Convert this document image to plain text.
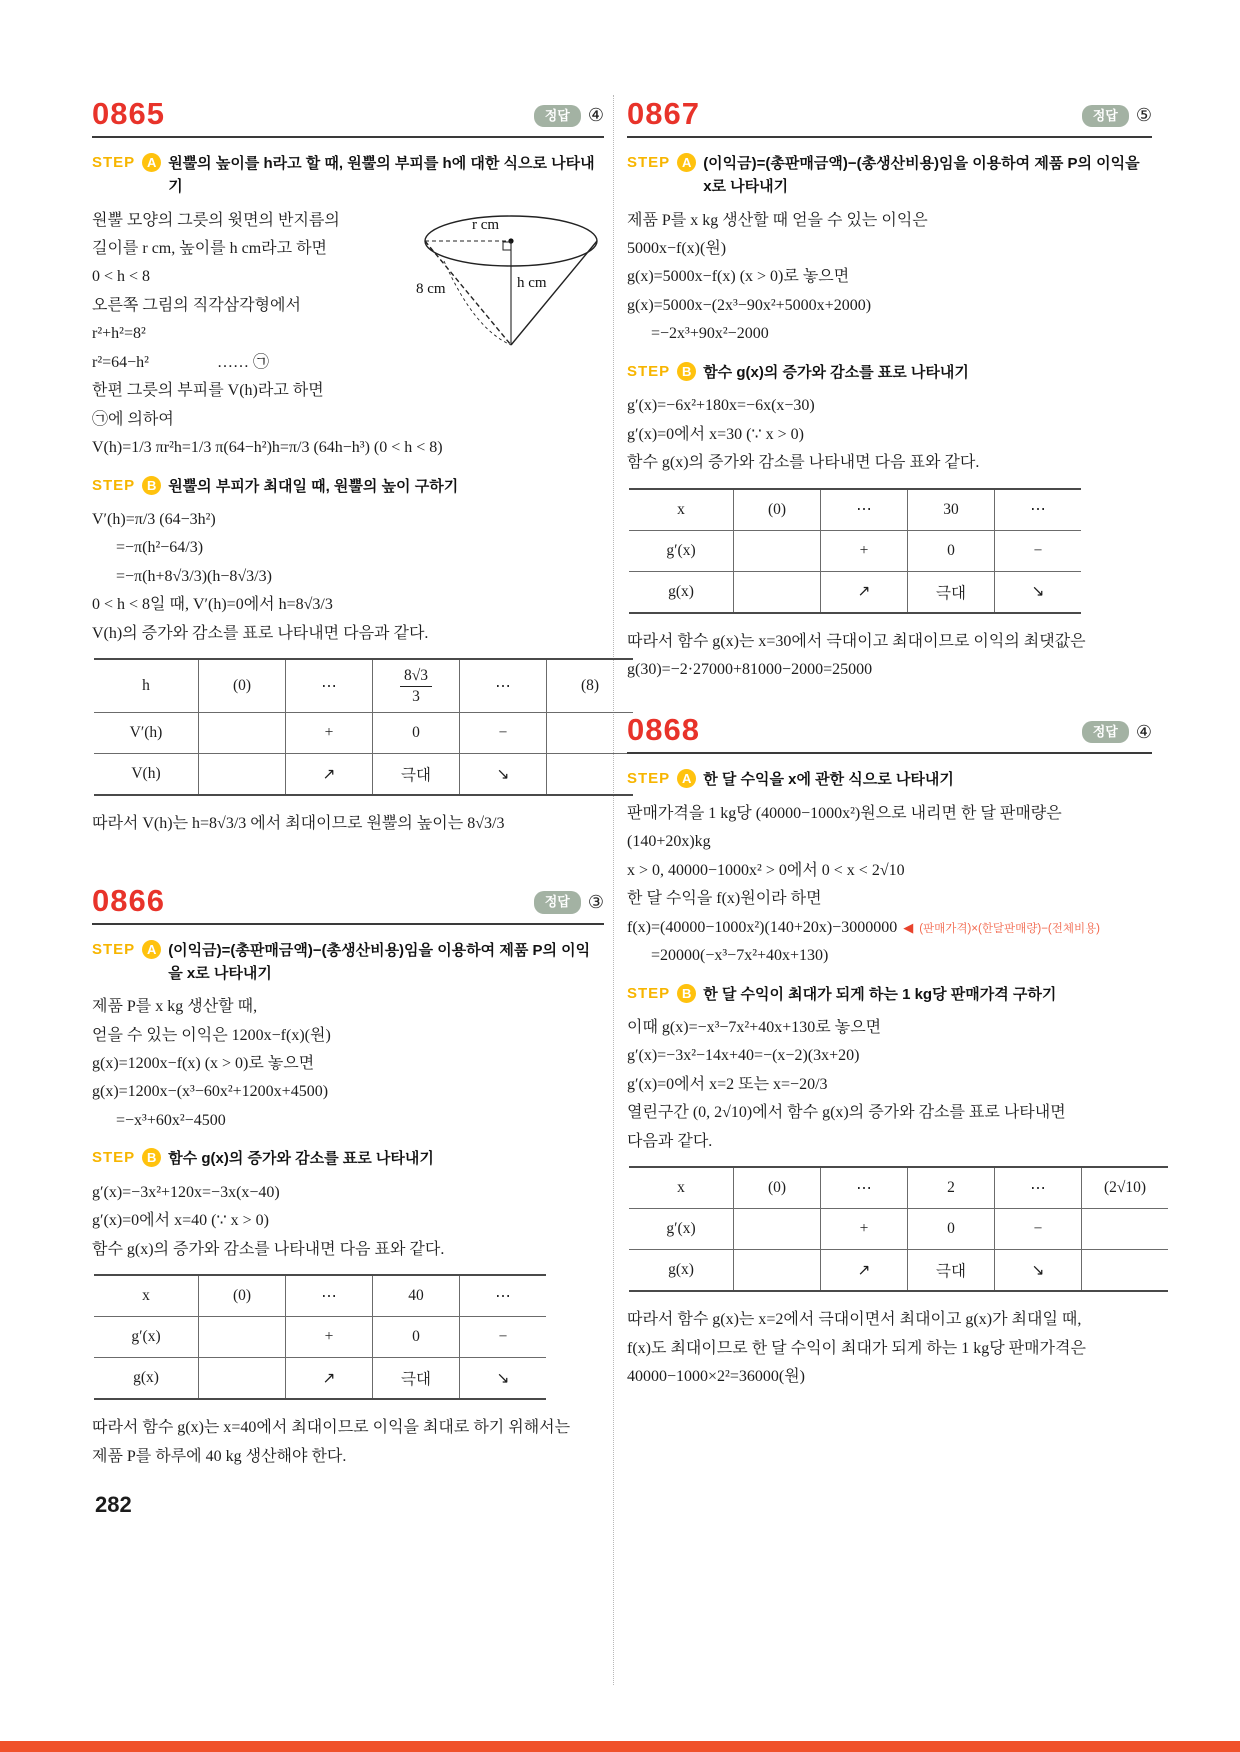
0865	정답	④
STEP A 원뿔의 높이를 h라고 할 때, 원뿔의 부피를 h에 대한 식으로 나타내기
r cm
8 cm	h cm
원뿔 모양의 그릇의 윗면의 반지름의
길이를 r cm, 높이를 h cm라고 하면
0 < h < 8
오른쪽 그림의 직각삼각형에서
r²+h²=8²
r²=64−h²                 …… ㉠
한편 그릇의 부피를 V(h)라고 하면
㉠에 의하여
V(h)=1/3 πr²h=1/3 π(64−h²)h=π/3 (64h−h³) (0 < h < 8)
STEP B 원뿔의 부피가 최대일 때, 원뿔의 높이 구하기
V′(h)=π/3 (64−3h²)
=−π(h²−64/3)
=−π(h+8√3/3)(h−8√3/3)
0 < h < 8일 때, V′(h)=0에서 h=8√3/3
V(h)의 증가와 감소를 표로 나타내면 다음과 같다.
h	(0)	⋯	$\frac{8√3}{3}$	⋯	(8)
V′(h)		+	0	−	
V(h)		↗	극대	↘	
따라서 V(h)는 h=8√3/3 에서 최대이므로 원뿔의 높이는 8√3/3
0866	정답	③
STEP A (이익금)=(총판매금액)−(총생산비용)임을 이용하여 제품 P의 이익을 x로 나타내기
제품 P를 x kg 생산할 때,
얻을 수 있는 이익은 1200x−f(x)(원)
g(x)=1200x−f(x) (x > 0)로 놓으면
g(x)=1200x−(x³−60x²+1200x+4500)
=−x³+60x²−4500
STEP B 함수 g(x)의 증가와 감소를 표로 나타내기
g′(x)=−3x²+120x=−3x(x−40)
g′(x)=0에서 x=40 (∵ x > 0)
함수 g(x)의 증가와 감소를 나타내면 다음 표와 같다.
x	(0)	⋯	40	⋯
g′(x)		+	0	−
g(x)		↗	극대	↘
따라서 함수 g(x)는 x=40에서 최대이므로 이익을 최대로 하기 위해서는
제품 P를 하루에 40 kg 생산해야 한다.
0867	정답	⑤
STEP A (이익금)=(총판매금액)−(총생산비용)임을 이용하여 제품 P의 이익을 x로 나타내기
제품 P를 x kg 생산할 때 얻을 수 있는 이익은
5000x−f(x)(원)
g(x)=5000x−f(x) (x > 0)로 놓으면
g(x)=5000x−(2x³−90x²+5000x+2000)
=−2x³+90x²−2000
STEP B 함수 g(x)의 증가와 감소를 표로 나타내기
g′(x)=−6x²+180x=−6x(x−30)
g′(x)=0에서 x=30 (∵ x > 0)
함수 g(x)의 증가와 감소를 나타내면 다음 표와 같다.
x	(0)	⋯	30	⋯
g′(x)		+	0	−
g(x)		↗	극대	↘
따라서 함수 g(x)는 x=30에서 극대이고 최대이므로 이익의 최댓값은
g(30)=−2·27000+81000−2000=25000
0868	정답	④
STEP A 한 달 수익을 x에 관한 식으로 나타내기
판매가격을 1 kg당 (40000−1000x²)원으로 내리면 한 달 판매량은
(140+20x)kg
x > 0, 40000−1000x² > 0에서 0 < x < 2√10
한 달 수익을 f(x)원이라 하면
f(x)=(40000−1000x²)(140+20x)−3000000 ◀ (판매가격)×(한달판매량)−(전체비용)
=20000(−x³−7x²+40x+130)
STEP B 한 달 수익이 최대가 되게 하는 1 kg당 판매가격 구하기
이때 g(x)=−x³−7x²+40x+130로 놓으면
g′(x)=−3x²−14x+40=−(x−2)(3x+20)
g′(x)=0에서 x=2 또는 x=−20/3
열린구간 (0, 2√10)에서 함수 g(x)의 증가와 감소를 표로 나타내면
다음과 같다.
x	(0)	⋯	2	⋯	(2√10)
g′(x)		+	0	−	
g(x)		↗	극대	↘	
따라서 함수 g(x)는 x=2에서 극대이면서 최대이고 g(x)가 최대일 때,
f(x)도 최대이므로 한 달 수익이 최대가 되게 하는 1 kg당 판매가격은
40000−1000×2²=36000(원)
282
